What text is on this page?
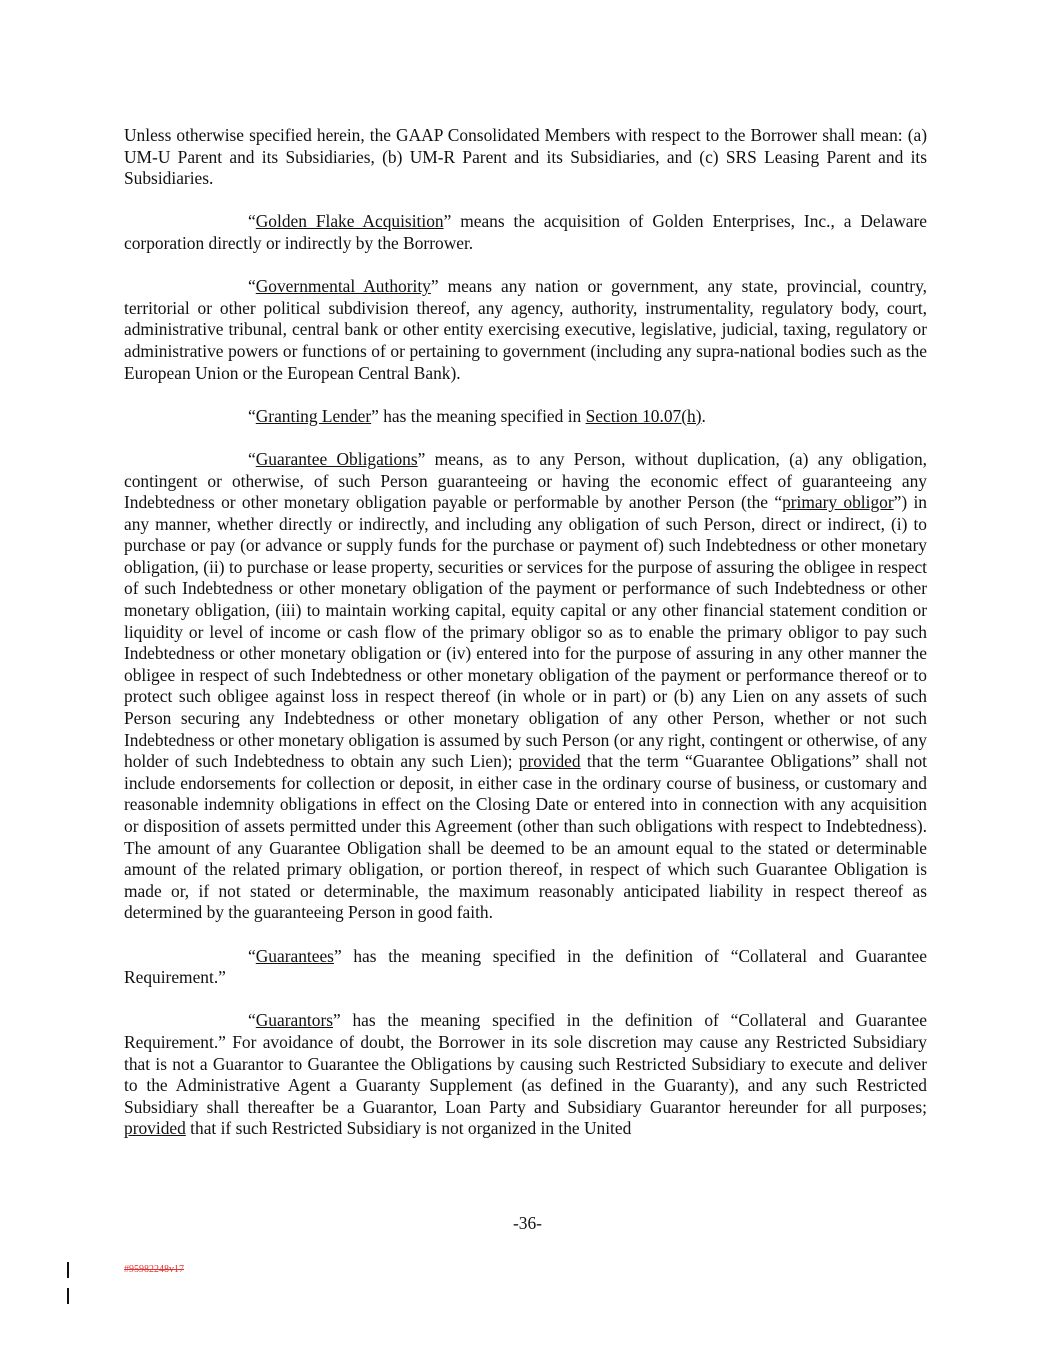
Unless otherwise specified herein, the GAAP Consolidated Members with respect to the Borrower shall mean: (a) UM-U Parent and its Subsidiaries, (b) UM-R Parent and its Subsidiaries, and (c) SRS Leasing Parent and its Subsidiaries.

“Golden Flake Acquisition” means the acquisition of Golden Enterprises, Inc., a Delaware corporation directly or indirectly by the Borrower.

“Governmental Authority” means any nation or government, any state, provincial, country, territorial or other political subdivision thereof, any agency, authority, instrumentality, regulatory body, court, administrative tribunal, central bank or other entity exercising executive, legislative, judicial, taxing, regulatory or administrative powers or functions of or pertaining to government (including any supra-national bodies such as the European Union or the European Central Bank).

“Granting Lender” has the meaning specified in Section 10.07(h).

“Guarantee Obligations” means, as to any Person, without duplication, (a) any obligation, contingent or otherwise, of such Person guaranteeing or having the economic effect of guaranteeing any Indebtedness or other monetary obligation payable or performable by another Person (the “primary obligor”) in any manner, whether directly or indirectly, and including any obligation of such Person, direct or indirect, (i) to purchase or pay (or advance or supply funds for the purchase or payment of) such Indebtedness or other monetary obligation, (ii) to purchase or lease property, securities or services for the purpose of assuring the obligee in respect of such Indebtedness or other monetary obligation of the payment or performance of such Indebtedness or other monetary obligation, (iii) to maintain working capital, equity capital or any other financial statement condition or liquidity or level of income or cash flow of the primary obligor so as to enable the primary obligor to pay such Indebtedness or other monetary obligation or (iv) entered into for the purpose of assuring in any other manner the obligee in respect of such Indebtedness or other monetary obligation of the payment or performance thereof or to protect such obligee against loss in respect thereof (in whole or in part) or (b) any Lien on any assets of such Person securing any Indebtedness or other monetary obligation of any other Person, whether or not such Indebtedness or other monetary obligation is assumed by such Person (or any right, contingent or otherwise, of any holder of such Indebtedness to obtain any such Lien); provided that the term “Guarantee Obligations” shall not include endorsements for collection or deposit, in either case in the ordinary course of business, or customary and reasonable indemnity obligations in effect on the Closing Date or entered into in connection with any acquisition or disposition of assets permitted under this Agreement (other than such obligations with respect to Indebtedness). The amount of any Guarantee Obligation shall be deemed to be an amount equal to the stated or determinable amount of the related primary obligation, or portion thereof, in respect of which such Guarantee Obligation is made or, if not stated or determinable, the maximum reasonably anticipated liability in respect thereof as determined by the guaranteeing Person in good faith.

“Guarantees” has the meaning specified in the definition of “Collateral and Guarantee Requirement.”

“Guarantors” has the meaning specified in the definition of “Collateral and Guarantee Requirement.” For avoidance of doubt, the Borrower in its sole discretion may cause any Restricted Subsidiary that is not a Guarantor to Guarantee the Obligations by causing such Restricted Subsidiary to execute and deliver to the Administrative Agent a Guaranty Supplement (as defined in the Guaranty), and any such Restricted Subsidiary shall thereafter be a Guarantor, Loan Party and Subsidiary Guarantor hereunder for all purposes; provided that if such Restricted Subsidiary is not organized in the United

-36-
#95982248v17
